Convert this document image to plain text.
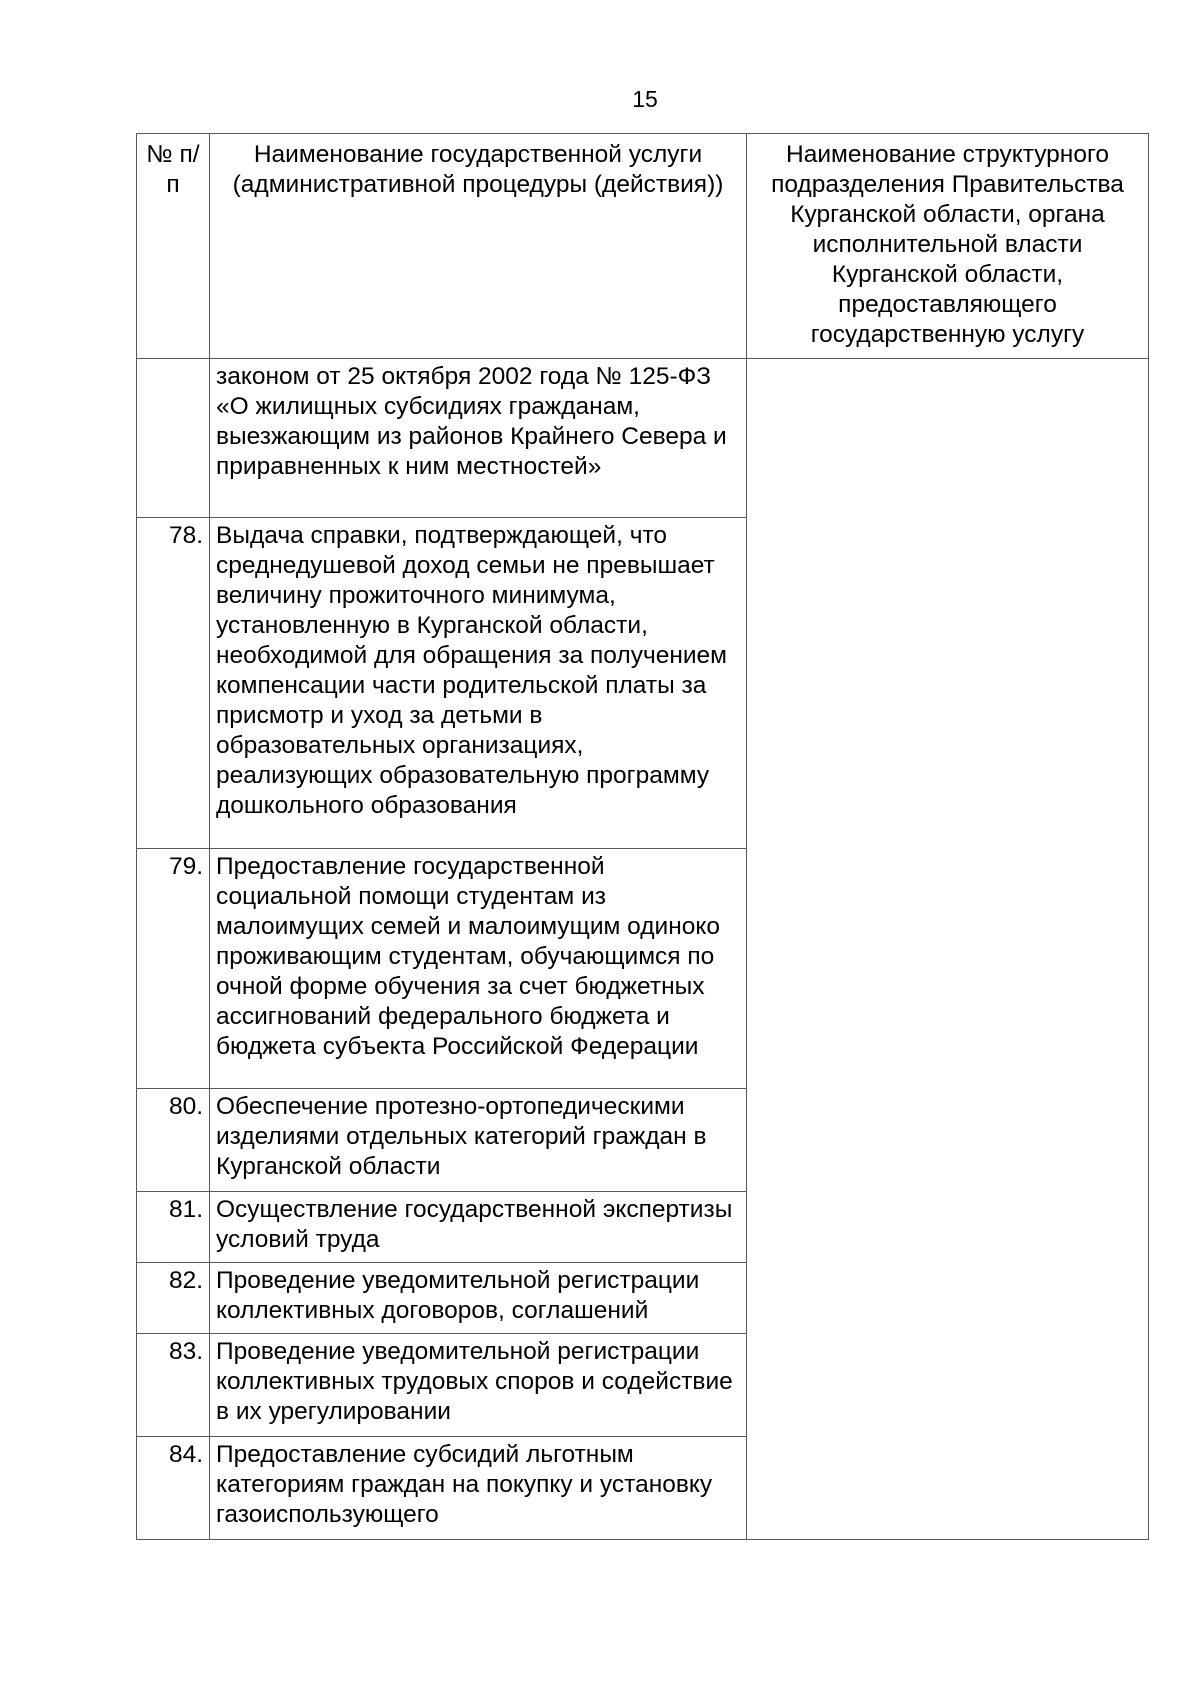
15
№ п/п	Наименование государственной услуги (административной процедуры (действия))	Наименование структурного подразделения Правительства Курганской области, органа исполнительной власти Курганской области, предоставляющего государственную услугу
	законом от 25 октября 2002 года № 125-ФЗ «О жилищных субсидиях гражданам, выезжающим из районов Крайнего Севера и приравненных к ним местностей»	
78.	Выдача справки, подтверждающей, что среднедушевой доход семьи не превышает величину прожиточного минимума, установленную в Курганской области, необходимой для обращения за получением компенсации части родительской платы за присмотр и уход за детьми в образовательных организациях, реализующих образовательную программу дошкольного образования	
79.	Предоставление государственной социальной помощи студентам из малоимущих семей и малоимущим одиноко проживающим студентам, обучающимся по очной форме обучения за счет бюджетных ассигнований федерального бюджета и бюджета субъекта Российской Федерации	
80.	Обеспечение протезно-ортопедическими изделиями отдельных категорий граждан в Курганской области	
81.	Осуществление государственной экспертизы условий труда	
82.	Проведение уведомительной регистрации коллективных договоров, соглашений	
83.	Проведение уведомительной регистрации коллективных трудовых споров и содействие в их урегулировании	
84.	Предоставление субсидий льготным категориям граждан на покупку и установку газоиспользующего	
